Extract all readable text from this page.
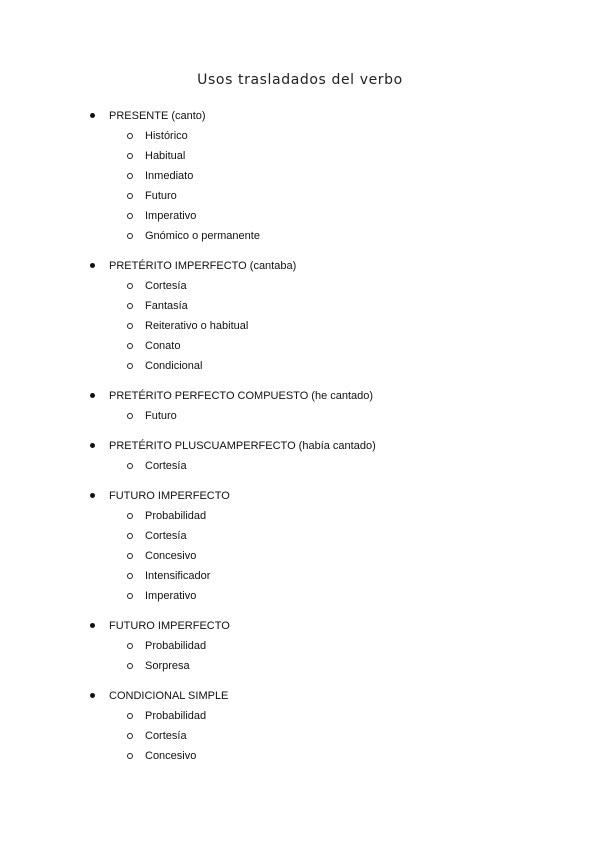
Usos trasladados del verbo
PRESENTE (canto)
Histórico
Habitual
Inmediato
Futuro
Imperativo
Gnómico o permanente
PRETÉRITO IMPERFECTO (cantaba)
Cortesía
Fantasía
Reiterativo o habitual
Conato
Condicional
PRETÉRITO PERFECTO COMPUESTO (he cantado)
Futuro
PRETÉRITO PLUSCUAMPERFECTO (había cantado)
Cortesía
FUTURO IMPERFECTO
Probabilidad
Cortesía
Concesivo
Intensificador
Imperativo
FUTURO IMPERFECTO
Probabilidad
Sorpresa
CONDICIONAL SIMPLE
Probabilidad
Cortesía
Concesivo
